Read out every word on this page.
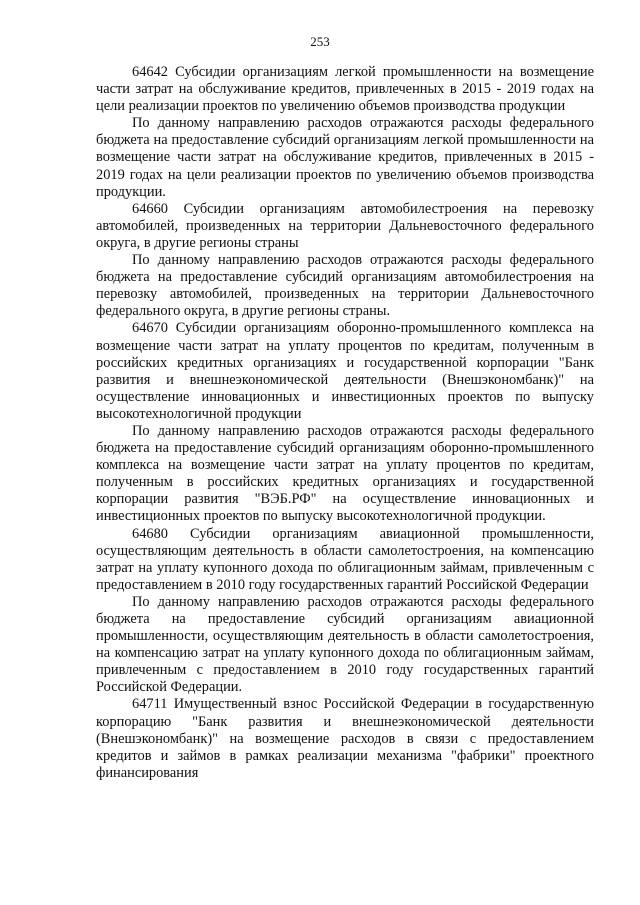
253

64642 Субсидии организациям легкой промышленности на возмещение части затрат на обслуживание кредитов, привлеченных в 2015 - 2019 годах на цели реализации проектов по увеличению объемов производства продукции

По данному направлению расходов отражаются расходы федерального бюджета на предоставление субсидий организациям легкой промышленности на возмещение части затрат на обслуживание кредитов, привлеченных в 2015 - 2019 годах на цели реализации проектов по увеличению объемов производства продукции.

64660 Субсидии организациям автомобилестроения на перевозку автомобилей, произведенных на территории Дальневосточного федерального округа, в другие регионы страны

По данному направлению расходов отражаются расходы федерального бюджета на предоставление субсидий организациям автомобилестроения на перевозку автомобилей, произведенных на территории Дальневосточного федерального округа, в другие регионы страны.

64670 Субсидии организациям оборонно-промышленного комплекса на возмещение части затрат на уплату процентов по кредитам, полученным в российских кредитных организациях и государственной корпорации "Банк развития и внешнеэкономической деятельности (Внешэкономбанк)" на осуществление инновационных и инвестиционных проектов по выпуску высокотехнологичной продукции

По данному направлению расходов отражаются расходы федерального бюджета на предоставление субсидий организациям оборонно-промышленного комплекса на возмещение части затрат на уплату процентов по кредитам, полученным в российских кредитных организациях и государственной корпорации развития "ВЭБ.РФ" на осуществление инновационных и инвестиционных проектов по выпуску высокотехнологичной продукции.

64680 Субсидии организациям авиационной промышленности, осуществляющим деятельность в области самолетостроения, на компенсацию затрат на уплату купонного дохода по облигационным займам, привлеченным с предоставлением в 2010 году государственных гарантий Российской Федерации

По данному направлению расходов отражаются расходы федерального бюджета на предоставление субсидий организациям авиационной промышленности, осуществляющим деятельность в области самолетостроения, на компенсацию затрат на уплату купонного дохода по облигационным займам, привлеченным с предоставлением в 2010 году государственных гарантий Российской Федерации.

64711 Имущественный взнос Российской Федерации в государственную корпорацию "Банк развития и внешнеэкономической деятельности (Внешэкономбанк)" на возмещение расходов в связи с предоставлением кредитов и займов в рамках реализации механизма "фабрики" проектного финансирования
